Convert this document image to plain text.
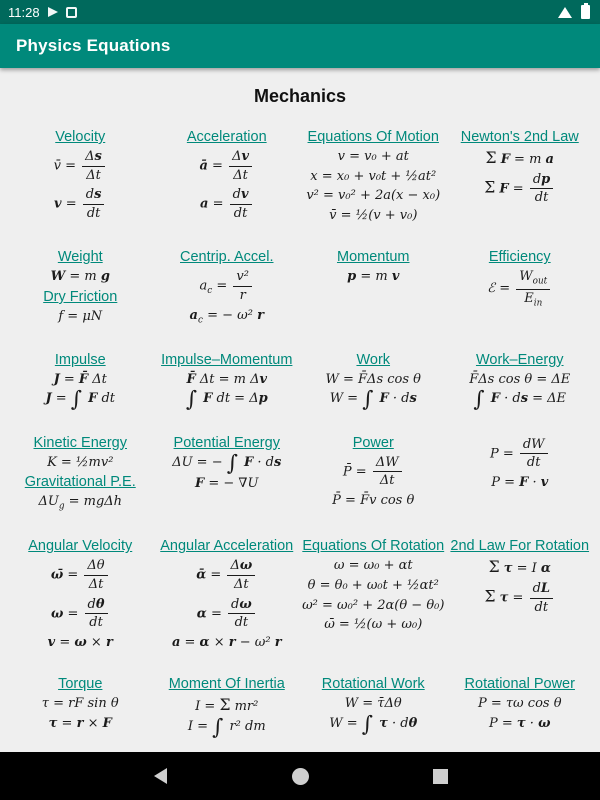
11:28
Physics Equations
Mechanics
Velocity
v̄ = $\frac{\Delta s}{\Delta t}$
$v = \frac{ds}{dt}$
Acceleration
ā = $\frac{\Delta v}{\Delta t}$
$a = \frac{dv}{dt}$
Equations Of Motion
v = v₀ + at
x = x₀ + v₀t + ½at²
v² = v₀² + 2a(x − x₀)
v̄ = ½(v + v₀)
Newton's 2nd Law
Σ F = m a
Σ $F = \frac{dp}{dt}$
Weight
W = m g
Dry Friction
f = μN
Centrip. Accel.
$a_c = \frac{\text{v²}}{r}$
$a_c$ = − ω² r
Momentum
p = m v
Efficiency
ℰ = $\frac{W_{out}}{E_{in}}$
Impulse
J = F̄ Δt
J = ∫ F dt
Impulse–Momentum
F̄ Δt = m Δv
∫ F dt = Δp
Work
W = F̄Δs cos θ
W = ∫ F · ds
Work–Energy
F̄Δs cos θ = ΔE
∫ F · ds = ΔE
Kinetic Energy
K = ½mv²
Gravitational P.E.
$\Delta U_g = mg\Delta h$
Potential Energy
ΔU = − ∫ F · ds
F = − ∇U
Power
P̄ = $\frac{\Delta W}{\Delta t}$
P̄ = F̄v cos θ
$P = \frac{dW}{dt}$
P = F · v
Angular Velocity
ω̄ = $\frac{\Delta\theta}{\Delta t}$
$\omega = \frac{d\theta}{dt}$
v = ω × r
Angular Acceleration
ᾱ = $\frac{\Delta\omega}{\Delta t}$
$\alpha = \frac{d\omega}{dt}$
a = α × r − ω² r
Equations Of Rotation
ω = ω₀ + αt
θ = θ₀ + ω₀t + ½αt²
ω² = ω₀² + 2α(θ − θ₀)
ω̄ = ½(ω + ω₀)
2nd Law For Rotation
Σ τ = I α
Σ $\tau = \frac{dL}{dt}$
Torque
τ = rF sin θ
τ = r × F
Moment Of Inertia
I = Σ mr²
I = ∫ r² dm
Rotational Work
W = τ̄Δθ
W = ∫ τ · dθ
Rotational Power
P = τω cos θ
P = τ · ω
